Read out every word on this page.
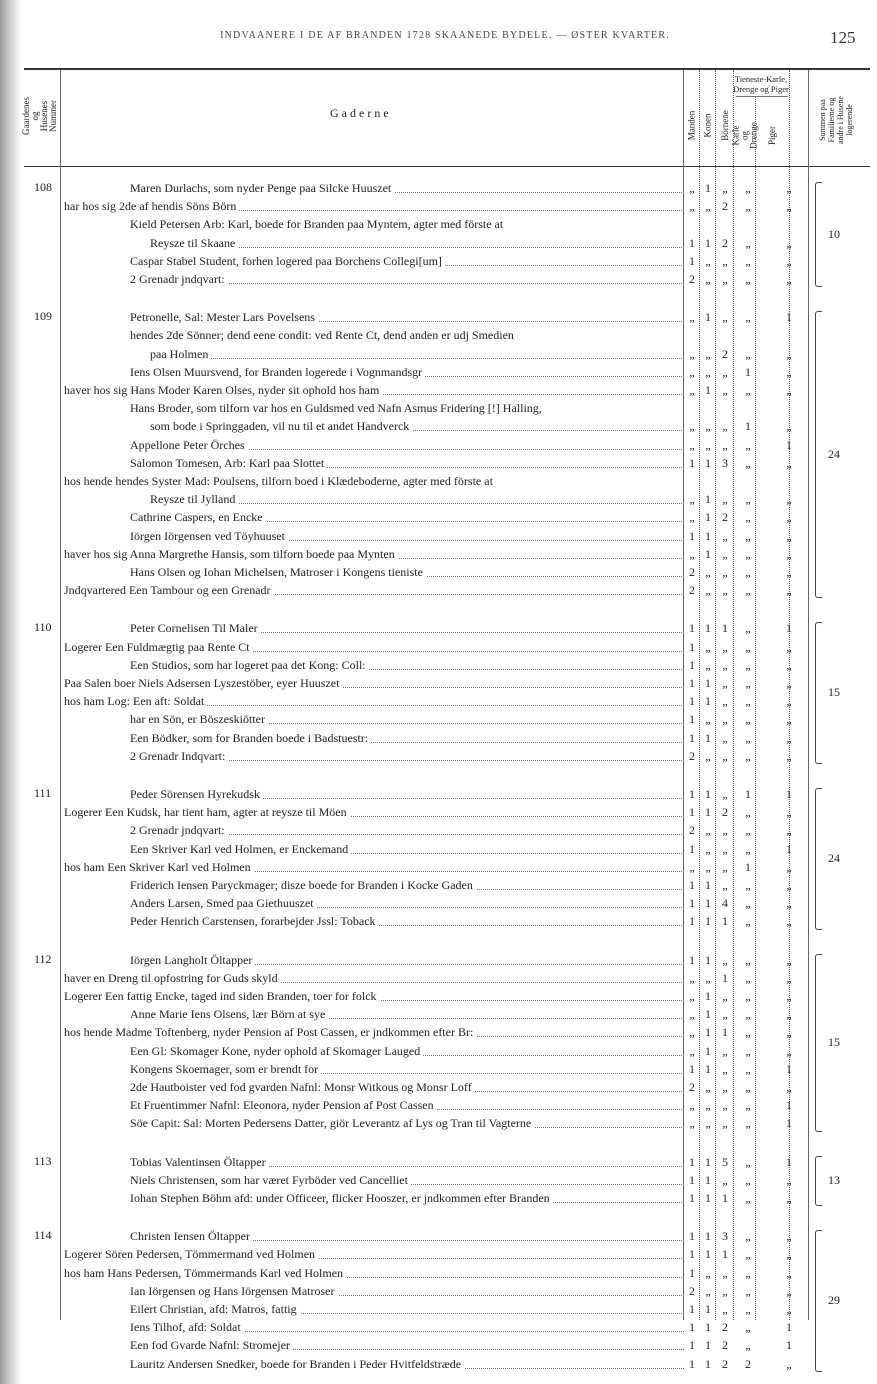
INDVAANERE I DE AF BRANDEN 1728 SKAANEDE BYDELE. — ØSTER KVARTER.	125
Gaardenes og Husenes Nummer	Gaderne
Tieneste-Karle, Drenge og Piger
Manden Konen Börnene Karle og Drenge Piger	Summen paa Familierne og andre i Husene logerende
108	Maren Durlachs, som nyder Penge paa Silcke Huuszet	„ 1 „	„	„
har hos sig 2de af hendis Söns Börn	„ „ 2	„	„
Kield Petersen Arb: Karl, boede for Branden paa Myntem, agter med förste at
Reysze til Skaane	1 1 2	„	„
Caspar Stabel Student, forhen logered paa Borchens Collegi[um]	1 „ „	„	„
2 Grenadr jndqvart:	2 „ „	„	„
10
109	Petronelle, Sal: Mester Lars Povelsens	„ 1 „	„	1
hendes 2de Sönner; dend eene condit: ved Rente Ct, dend anden er udj Smedien
paa Holmen	„ „ 2	„	„
Iens Olsen Muursvend, for Branden logerede i Vognmandsgr	„ „ „	1	„
haver hos sig Hans Moder Karen Olses, nyder sit ophold hos ham	„ 1 „	„	„
Hans Broder, som tilforn var hos en Guldsmed ved Nafn Asmus Fridering [!] Halling,
som bode i Springgaden, vil nu til et andet Handverck	„ „ „	1	„
Appellone Peter Örches	„ „ „	„	1
Salomon Tomesen, Arb: Karl paa Slottet	1 1 3	„	„
hos hende hendes Syster Mad: Poulsens, tilforn boed i Klædeboderne, agter med förste at
Reysze til Jylland	„ 1 „	„	„
Cathrine Caspers, en Encke	„ 1 2	„	„
Iörgen Iörgensen ved Töyhuuset	1 1 „	„	„
haver hos sig Anna Margrethe Hansis, som tilforn boede paa Mynten	„ 1 „	„	„
Hans Olsen og Iohan Michelsen, Matroser i Kongens tieniste	2 „ „	„	„
Jndqvartered Een Tambour og een Grenadr	2 „ „	„	„
24
110	Peter Cornelisen Til Maler	1 1 1	„	1
Logerer Een Fuldmægtig paa Rente Ct	1 „ „	„	„
Een Studios, som har logeret paa det Kong: Coll:	1 „ „	„	„
Paa Salen boer Niels Adsersen Lyszestöber, eyer Huuszet	1 1 „	„	„
hos ham Log: Een aft: Soldat	1 1 „	„	„
har en Sön, er Böszeskiötter	1 „ „	„	„
Een Bödker, som for Branden boede i Badstuestr:	1 1 „	„	„
2 Grenadr Indqvart:	2 „ „	„	„
15
111	Peder Sörensen Hyrekudsk	1 1 „	1	1
Logerer Een Kudsk, har tient ham, agter at reysze til Möen	1 1 2	„	„
2 Grenadr jndqvart:	2 „ „	„	„
Een Skriver Karl ved Holmen, er Enckemand	1 „ „	„	1
hos ham Een Skriver Karl ved Holmen	„ „ „	1	„
Friderich Iensen Paryckmager; disze boede for Branden i Kocke Gaden	1 1 „	„	„
Anders Larsen, Smed paa Giethuuszet	1 1 4	„	„
Peder Henrich Carstensen, forarbejder Jssl: Toback	1 1 1	„	„
24
112	Iörgen Langholt Öltapper	1 1 „	„	„
haver en Dreng til opfostring for Guds skyld	„ „ 1	„	„
Logerer Een fattig Encke, taged ind siden Branden, toer for folck	„ 1 „	„	„
Anne Marie Iens Olsens, lær Börn at sye	„ 1 „	„	„
hos hende Madme Toftenberg, nyder Pension af Post Cassen, er jndkommen efter Br:	„ 1 1	„	„
Een Gl: Skomager Kone, nyder ophold af Skomager Lauged	„ 1 „	„	„
Kongens Skoemager, som er brendt for	1 1 „	„	1
2de Hautboister ved fod gvarden Nafnl: Monsr Witkous og Monsr Loff	2 „ „	„	„
Et Fruentimmer Nafnl: Eleonora, nyder Pension af Post Cassen	„ „ „	„	1
Söe Capit: Sal: Morten Pedersens Datter, giör Leverantz af Lys og Tran til Vagterne	„ „ „	„	1
15
113	Tobias Valentinsen Öltapper	1 1 5	„	1
Niels Christensen, som har været Fyrböder ved Cancelliet	1 1 „	„	„
Iohan Stephen Böhm afd: under Officeer, flicker Hooszer, er jndkommen efter Branden	1 1 1	„	„
13
114	Christen Iensen Öltapper	1 1 3	„	„
Logerer Sören Pedersen, Tömmermand ved Holmen	1 1 1	„	„
hos ham Hans Pedersen, Tömmermands Karl ved Holmen	1 „ „	„	„
Ian Iörgensen og Hans Iörgensen Matroser	2 „ „	„	„
Eilert Christian, afd: Matros, fattig	1 1 „	„	„
Iens Tilhof, afd: Soldat	1 1 2	„	1
Een fod Gvarde Nafnl: Stromejer	1 1 2	„	1
Lauritz Andersen Snedker, boede for Branden i Peder Hvitfeldstræde	1 1 2	2	„
29
